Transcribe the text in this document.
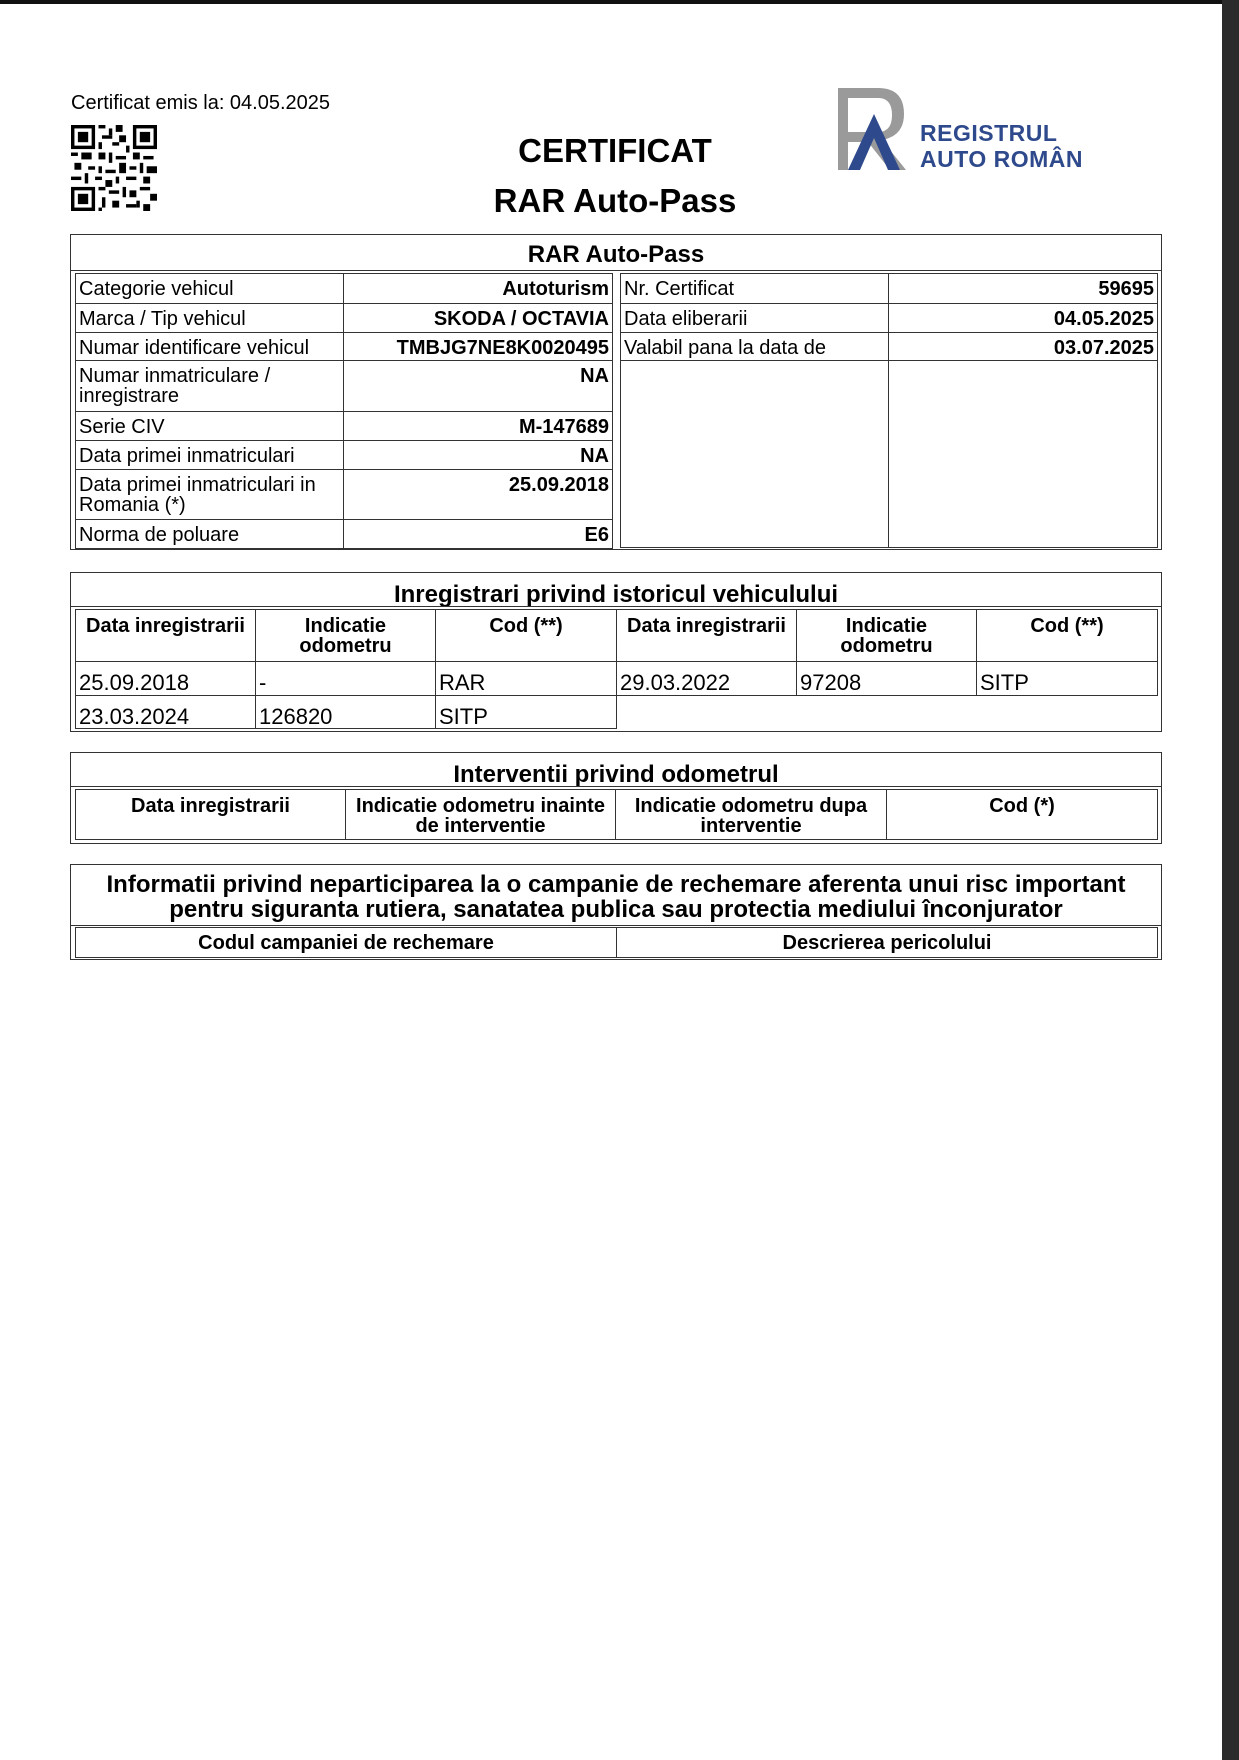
Certificat emis la: 04.05.2025
CERTIFICAT
RAR Auto-Pass
REGISTRUL
AUTO ROMÂN
RAR Auto-Pass
Categorie vehicul	Autoturism
Marca / Tip vehicul	SKODA / OCTAVIA
Numar identificare vehicul	TMBJG7NE8K0020495
Numar inmatriculare / inregistrare	NA
Serie CIV	M-147689
Data primei inmatriculari	NA
Data primei inmatriculari in Romania (*)	25.09.2018
Norma de poluare	E6
Nr. Certificat	59695
Data eliberarii	04.05.2025
Valabil pana la data de	03.07.2025

Inregistrari privind istoricul vehiculului
Data inregistrarii	Indicatie odometru	Cod (**)	Data inregistrarii	Indicatie odometru	Cod (**)
25.09.2018	-	RAR	29.03.2022	97208	SITP
23.03.2024	126820	SITP			
Interventii privind odometrul
Data inregistrarii	Indicatie odometru inainte de interventie	Indicatie odometru dupa interventie	Cod (*)
Informatii privind neparticiparea la o campanie de rechemare aferenta unui risc important pentru siguranta rutiera, sanatatea publica sau protectia mediului înconjurator
Codul campaniei de rechemare	Descrierea pericolului
AUTOVIT.RO
